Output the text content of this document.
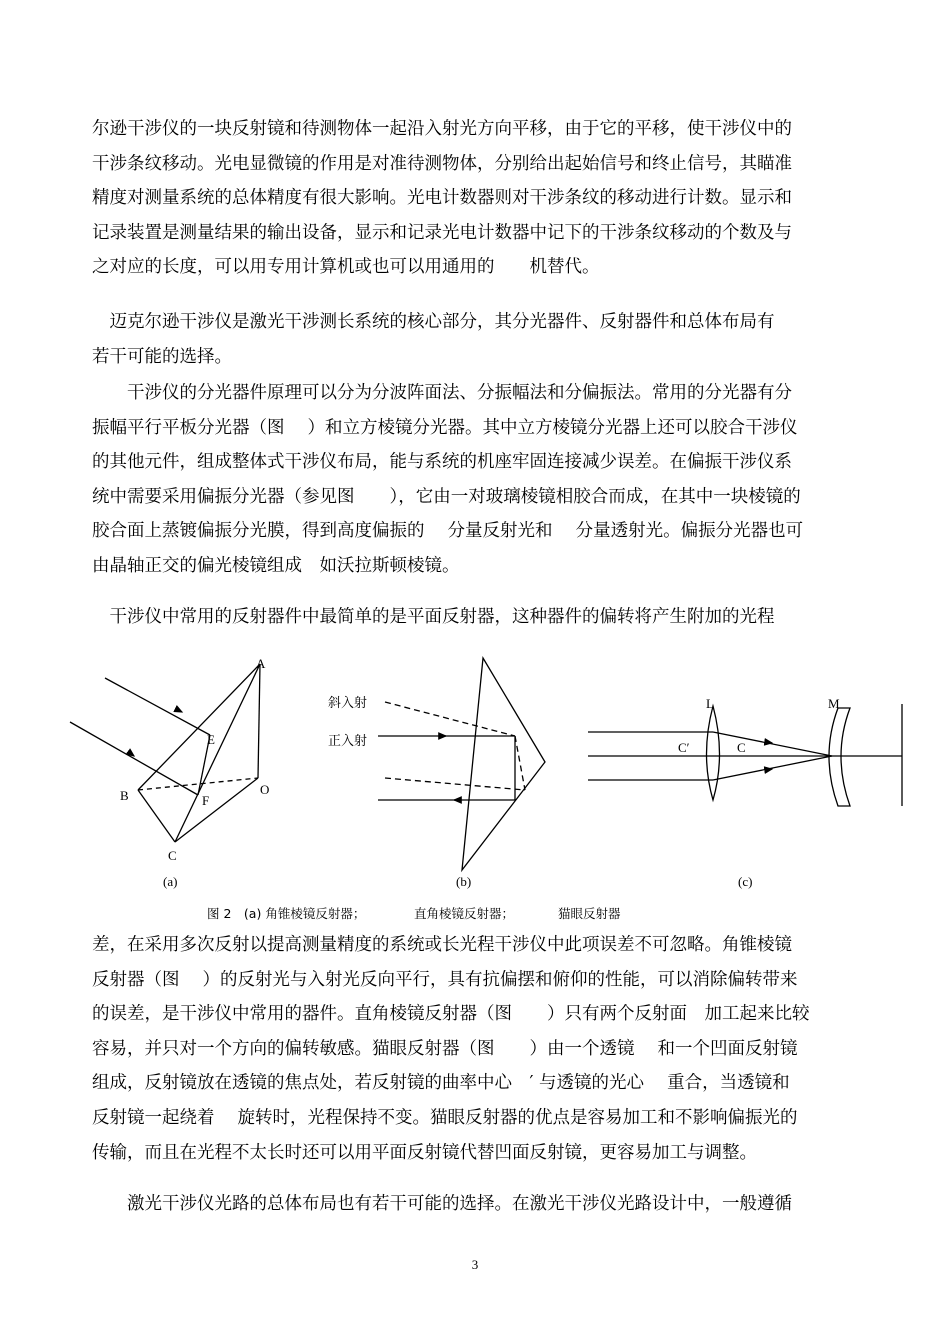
尔逊干涉仪的一块反射镜和待测物体一起沿入射光方向平移，由于它的平移，使干涉仪中的
干涉条纹移动。光电显微镜的作用是对准待测物体，分别给出起始信号和终止信号，其瞄准
精度对测量系统的总体精度有很大影响。光电计数器则对干涉条纹的移动进行计数。显示和
记录装置是测量结果的输出设备，显示和记录光电计数器中记下的干涉条纹移动的个数及与
之对应的长度，可以用专用计算机或也可以用通用的　　机替代。
　迈克尔逊干涉仪是激光干涉测长系统的核心部分，其分光器件、反射器件和总体布局有
若干可能的选择。
　　干涉仪的分光器件原理可以分为分波阵面法、分振幅法和分偏振法。常用的分光器有分
振幅平行平板分光器（图　 ）和立方棱镜分光器。其中立方棱镜分光器上还可以胶合干涉仪
的其他元件，组成整体式干涉仪布局，能与系统的机座牢固连接减少误差。在偏振干涉仪系
统中需要采用偏振分光器（参见图　　），它由一对玻璃棱镜相胶合而成，在其中一块棱镜的
胶合面上蒸镀偏振分光膜，得到高度偏振的　 分量反射光和　 分量透射光。偏振分光器也可
由晶轴正交的偏光棱镜组成　如沃拉斯顿棱镜。
　干涉仪中常用的反射器件中最简单的是平面反射器，这种器件的偏转将产生附加的光程
A
E
B	F
O
C
(a)
斜入射
正入射
(b)
L	M
C′	C
(c)
图 2　(a) 角锥棱镜反射器；	直角棱镜反射器；	猫眼反射器
差，在采用多次反射以提高测量精度的系统或长光程干涉仪中此项误差不可忽略。角锥棱镜
反射器（图　 ）的反射光与入射光反向平行，具有抗偏摆和俯仰的性能，可以消除偏转带来
的误差，是干涉仪中常用的器件。直角棱镜反射器（图　　）只有两个反射面　加工起来比较
容易，并只对一个方向的偏转敏感。猫眼反射器（图　　）由一个透镜　 和一个凹面反射镜
组成，反射镜放在透镜的焦点处，若反射镜的曲率中心　′ 与透镜的光心　 重合，当透镜和
反射镜一起绕着　 旋转时，光程保持不变。猫眼反射器的优点是容易加工和不影响偏振光的
传输，而且在光程不太长时还可以用平面反射镜代替凹面反射镜，更容易加工与调整。
　　激光干涉仪光路的总体布局也有若干可能的选择。在激光干涉仪光路设计中，一般遵循
3
